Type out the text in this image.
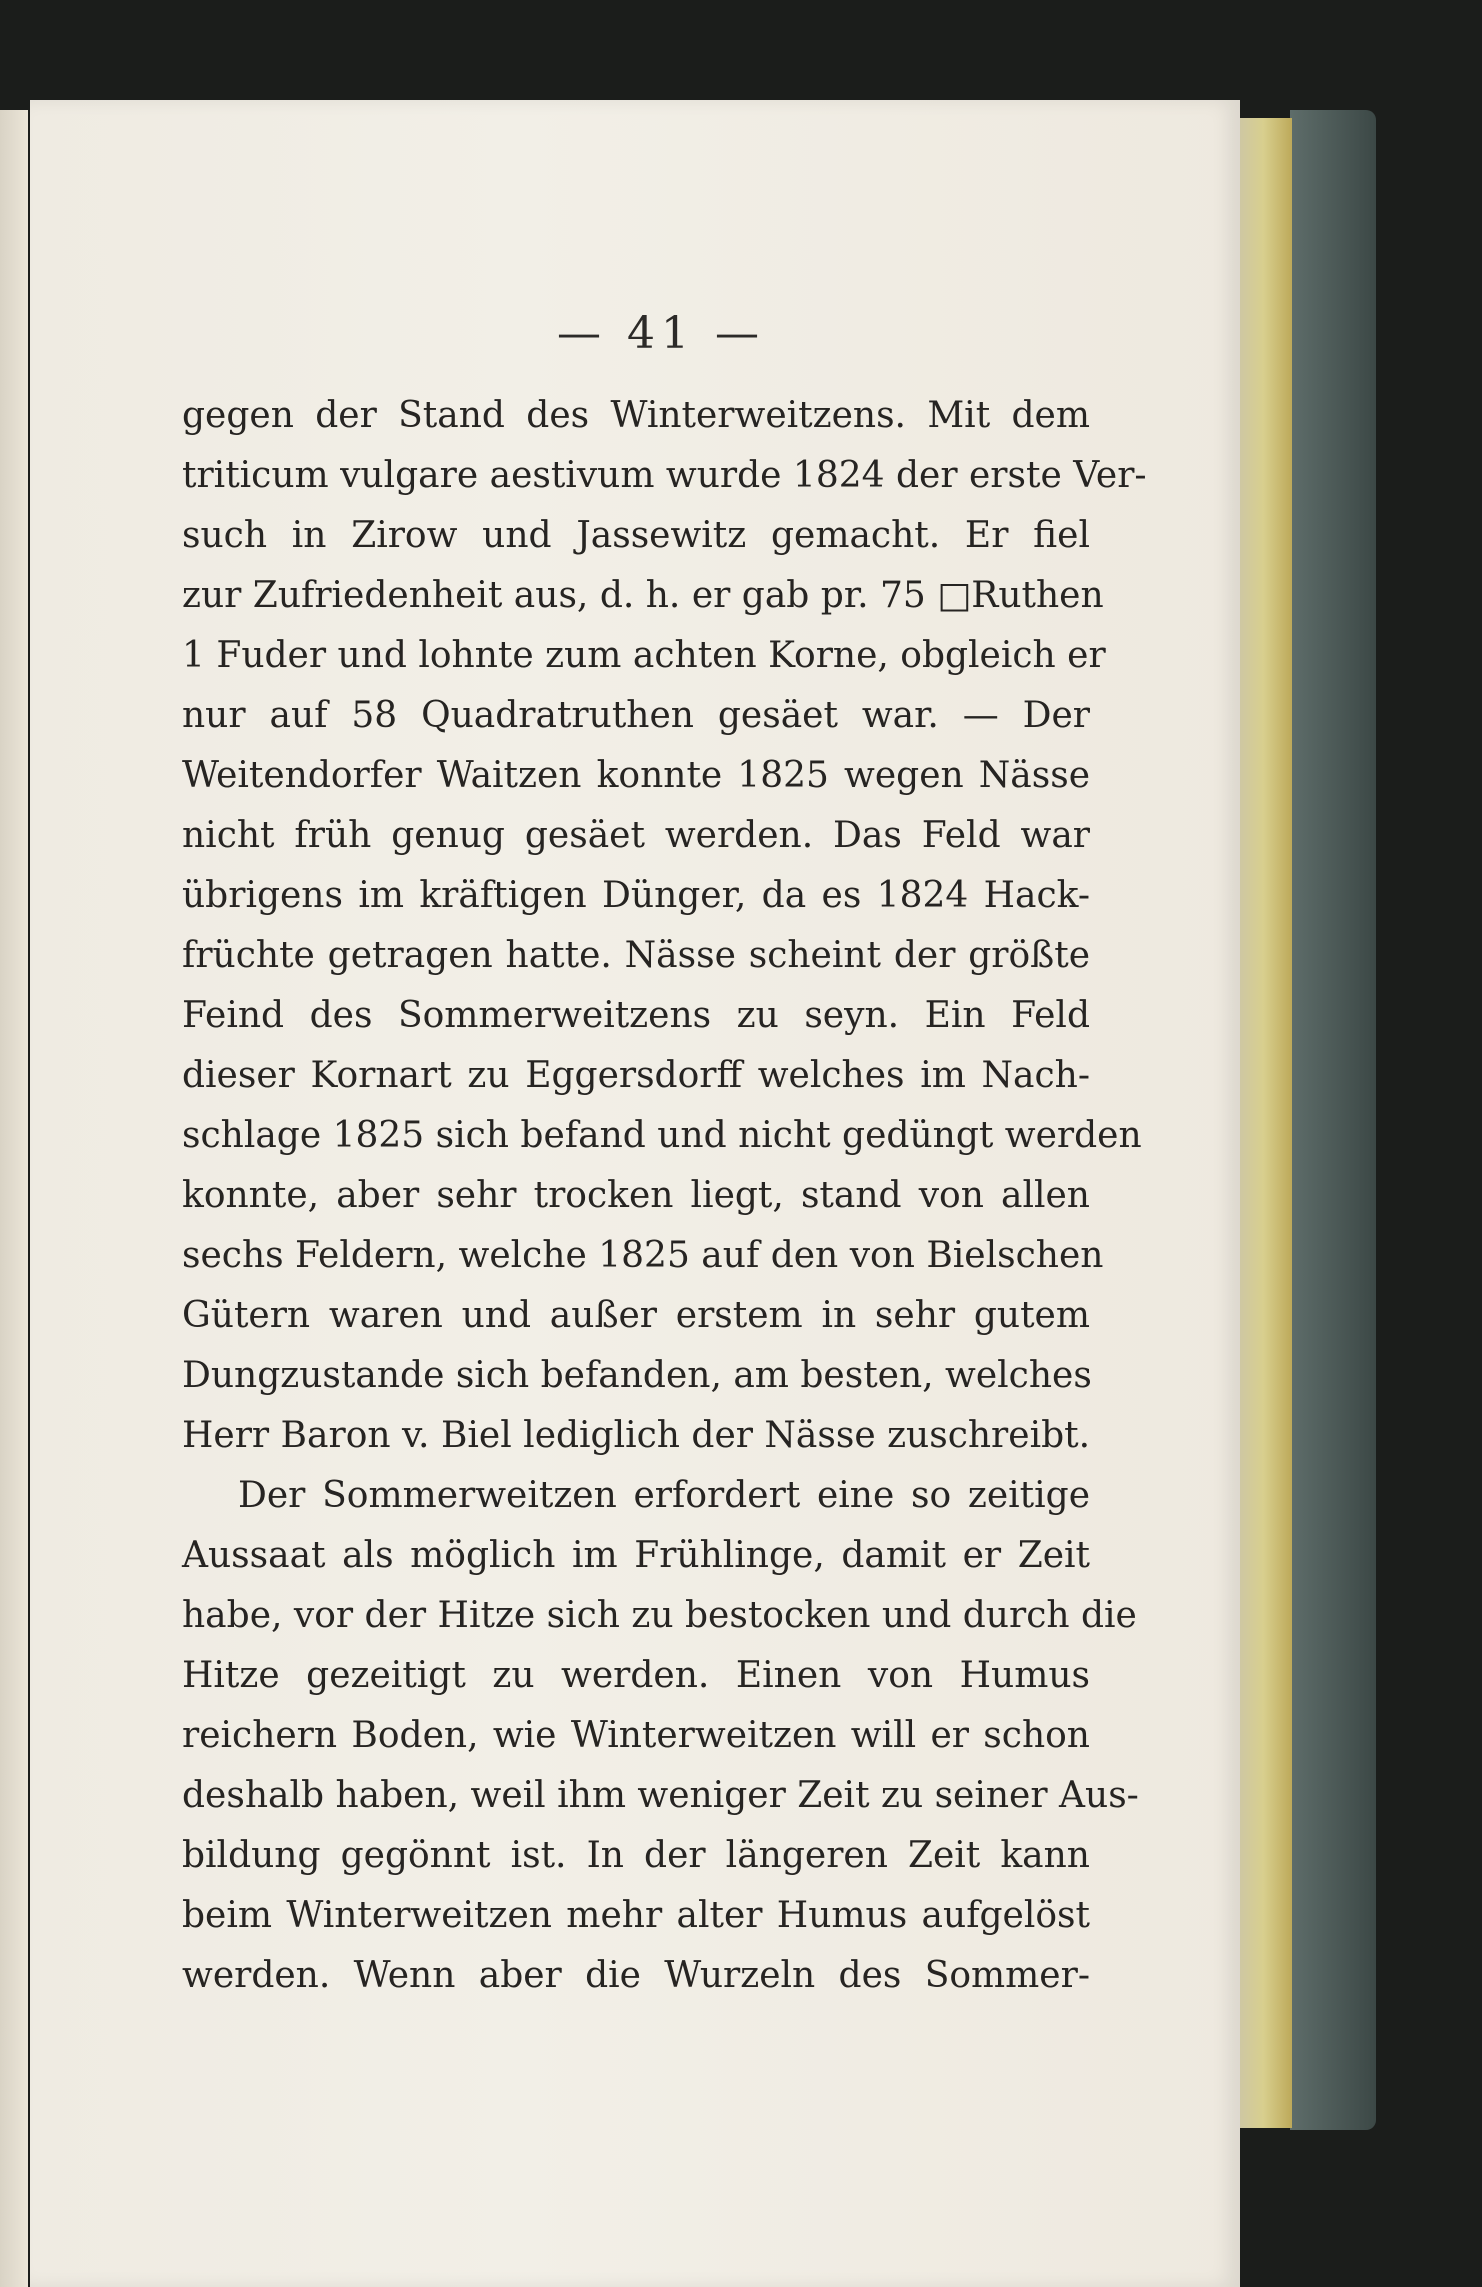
— 41 —
gegen der Stand des Winterweitzens. Mit dem
triticum vulgare aestivum wurde 1824 der erste Ver-
such in Zirow und Jassewitz gemacht. Er fiel
zur Zufriedenheit aus, d. h. er gab pr. 75 □Ruthen
1 Fuder und lohnte zum achten Korne, obgleich er
nur auf 58 Quadratruthen gesäet war. — Der
Weitendorfer Waitzen konnte 1825 wegen Nässe
nicht früh genug gesäet werden. Das Feld war
übrigens im kräftigen Dünger, da es 1824 Hack-
früchte getragen hatte. Nässe scheint der größte
Feind des Sommerweitzens zu seyn. Ein Feld
dieser Kornart zu Eggersdorff welches im Nach-
schlage 1825 sich befand und nicht gedüngt werden
konnte, aber sehr trocken liegt, stand von allen
sechs Feldern, welche 1825 auf den von Bielschen
Gütern waren und außer erstem in sehr gutem
Dungzustande sich befanden, am besten, welches
Herr Baron v. Biel lediglich der Nässe zuschreibt.
Der Sommerweitzen erfordert eine so zeitige
Aussaat als möglich im Frühlinge, damit er Zeit
habe, vor der Hitze sich zu bestocken und durch die
Hitze gezeitigt zu werden. Einen von Humus
reichern Boden, wie Winterweitzen will er schon
deshalb haben, weil ihm weniger Zeit zu seiner Aus-
bildung gegönnt ist. In der längeren Zeit kann
beim Winterweitzen mehr alter Humus aufgelöst
werden. Wenn aber die Wurzeln des Sommer-
